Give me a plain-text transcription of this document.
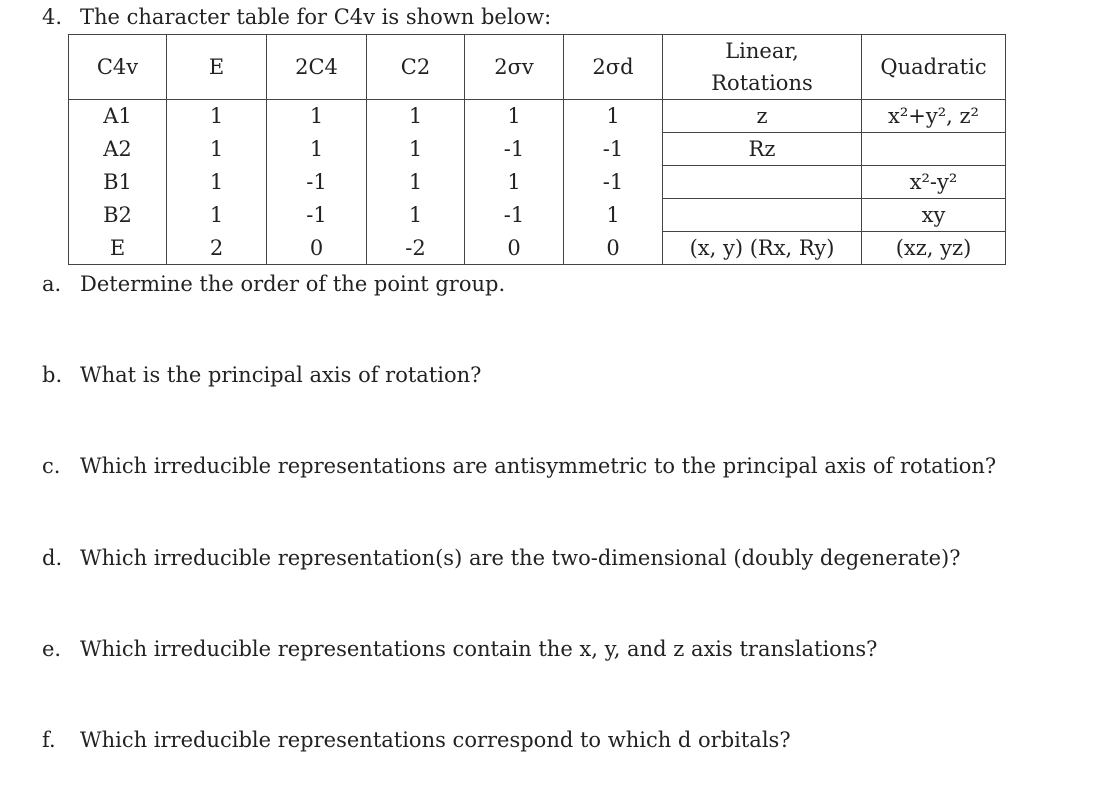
4. The character table for C4v is shown below:
C4v	E	2C4	C2	2σv	2σd	Linear,
Rotations	Quadratic
A1	1	1	1	1	1	z	x²+y², z²
A2	1	1	1	-1	-1	Rz	
B1	1	-1	1	1	-1		x²-y²
B2	1	-1	1	-1	1		xy
E	2	0	-2	0	0	(x, y) (Rx, Ry)	(xz, yz)
a. Determine the order of the point group.
b. What is the principal axis of rotation?
c. Which irreducible representations are antisymmetric to the principal axis of rotation?
d. Which irreducible representation(s) are the two-dimensional (doubly degenerate)?
e. Which irreducible representations contain the x, y, and z axis translations?
f. Which irreducible representations correspond to which d orbitals?
